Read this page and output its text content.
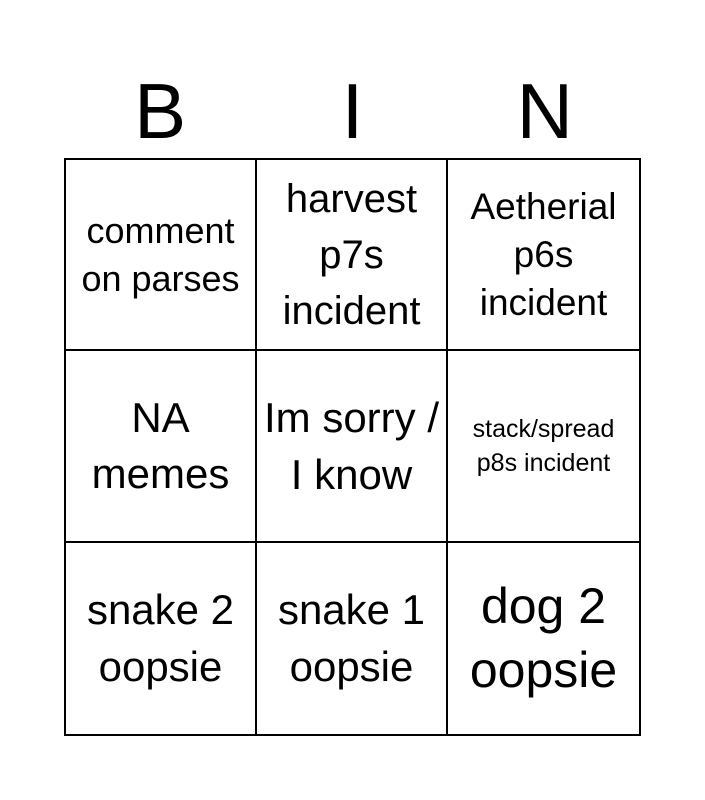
B	I	N
comment on parses
harvest p7s incident
Aetherial p6s incident
NA memes
Im sorry / I know
stack/spread p8s incident
snake 2 oopsie
snake 1 oopsie
dog 2 oopsie
